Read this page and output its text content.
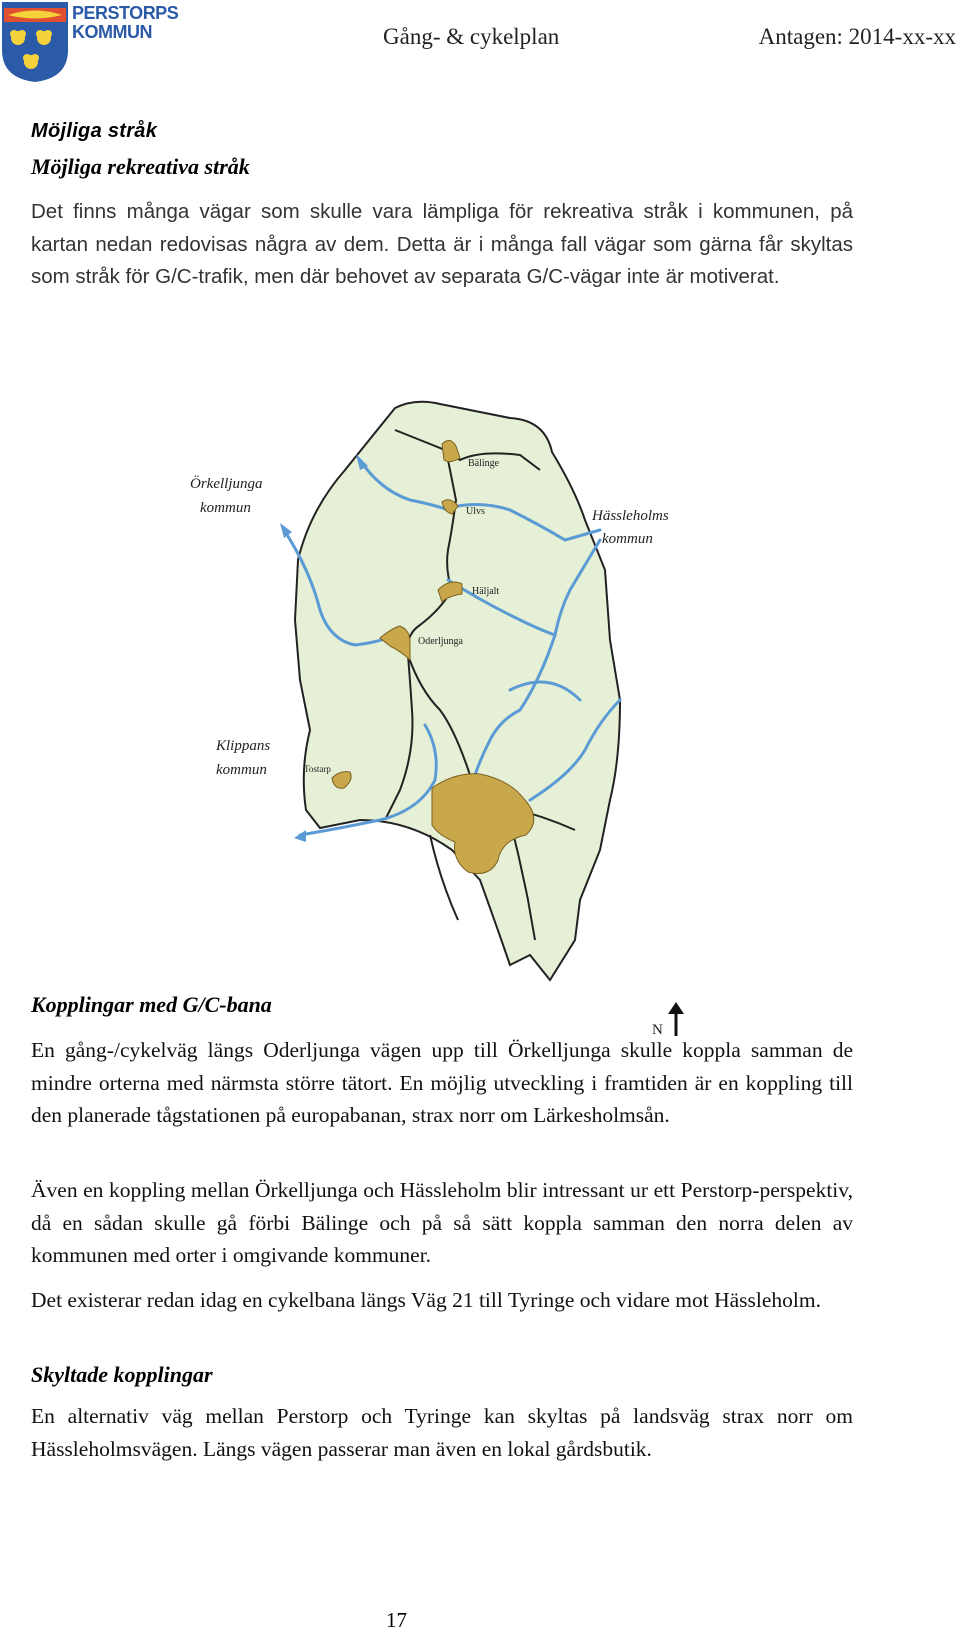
PERSTORPS
KOMMUN	Gång- & cykelplan	Antagen: 2014-xx-xx
Möjliga stråk
Möjliga rekreativa stråk
Det finns många vägar som skulle vara lämpliga för rekreativa stråk i kommunen, på kartan nedan redovisas några av dem. Detta är i många fall vägar som gärna får skyltas som stråk för G/C-trafik, men där behovet av separata G/C-vägar inte är motiverat.
Örkelljunga
kommun	Hässleholms
kommun
Klippans
kommun
Bälinge
Ulvs
Häljalt
Oderljunga
Tostarp
N
Kopplingar med G/C-bana
En gång-/cykelväg längs Oderljunga vägen upp till Örkelljunga skulle koppla samman de mindre orterna med närmsta större tätort. En möjlig utveckling i framtiden är en koppling till den planerade tågstationen på europabanan, strax norr om Lärkesholmsån.
Även en koppling mellan Örkelljunga och Hässleholm blir intressant ur ett Perstorp-perspektiv, då en sådan skulle gå förbi Bälinge och på så sätt koppla samman den norra delen av kommunen med orter i omgivande kommuner.
Det existerar redan idag en cykelbana längs Väg 21 till Tyringe och vidare mot Hässleholm.
Skyltade kopplingar
En alternativ väg mellan Perstorp och Tyringe kan skyltas på landsväg strax norr om Hässleholmsvägen. Längs vägen passerar man även en lokal gårdsbutik.
17
